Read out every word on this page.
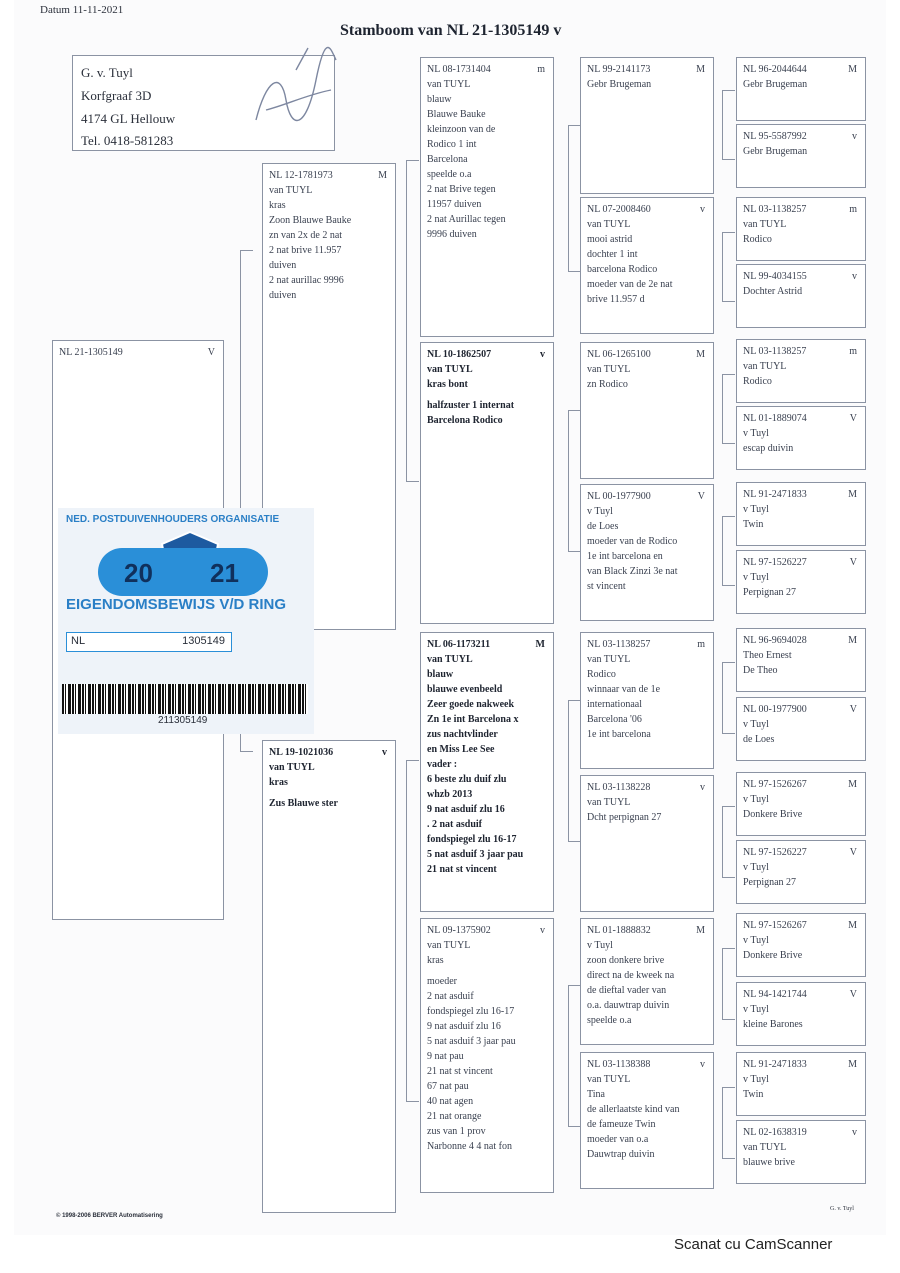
Datum 11-11-2021
Stamboom van NL 21-1305149 v
G. v. Tuyl
Korfgraaf 3D
4174 GL Hellouw
Tel. 0418-581283
NL 21-1305149	V
NL 12-1781973	M
van TUYL
kras
Zoon Blauwe Bauke
zn van 2x de 2 nat
2 nat brive 11.957
duiven
2 nat aurillac 9996
duiven
NL 19-1021036	v
van TUYL
kras
Zus Blauwe ster
NL 08-1731404	m
van TUYL
blauw
Blauwe Bauke
kleinzoon van de
Rodico 1 int
Barcelona
speelde o.a
2 nat Brive tegen
11957 duiven
2 nat Aurillac tegen
9996 duiven
NL 10-1862507	v
van TUYL
kras bont
halfzuster 1 internat Barcelona Rodico
NL 06-1173211	M
van TUYL
blauw
blauwe evenbeeld
Zeer goede nakweek
Zn 1e int Barcelona x
zus nachtvlinder
en Miss Lee See
vader :
6 beste zlu duif zlu
whzb 2013
9 nat asduif zlu 16
. 2 nat asduif
fondspiegel zlu 16-17
5 nat asduif 3 jaar pau
21 nat st vincent
NL 09-1375902	v
van TUYL
kras
moeder
2 nat asduif
fondspiegel zlu 16-17
9 nat asduif zlu 16
5 nat asduif 3 jaar pau
9 nat pau
21 nat st vincent
67 nat pau
40 nat agen
21 nat orange
zus van 1 prov
Narbonne 4 4 nat fon
NL 99-2141173	M
Gebr Brugeman
NL 07-2008460	v
van TUYL
mooi astrid
dochter 1 int
barcelona Rodico
moeder van de 2e nat
brive 11.957 d
NL 06-1265100	M
van TUYL
zn Rodico
NL 00-1977900	V
v Tuyl
de Loes
moeder van de Rodico
1e int barcelona en
van Black Zinzi 3e nat
st vincent
NL 03-1138257	m
van TUYL
Rodico
winnaar van de 1e
internationaal
Barcelona '06
1e int barcelona
NL 03-1138228	v
van TUYL
Dcht perpignan 27
NL 01-1888832	M
v Tuyl
zoon donkere brive
direct na de kweek na
de dieftal vader van
o.a. dauwtrap duivin
speelde o.a
NL 03-1138388	v
van TUYL
Tina
de allerlaatste kind van
de fameuze Twin
moeder van o.a
Dauwtrap duivin
NL 96-2044644	M
Gebr Brugeman
NL 95-5587992	v
Gebr Brugeman
NL 03-1138257	m
van TUYL
Rodico
NL 99-4034155	v
Dochter Astrid
NL 03-1138257	m
van TUYL
Rodico
NL 01-1889074	V
v Tuyl
escap duivin
NL 91-2471833	M
v Tuyl
Twin
NL 97-1526227	V
v Tuyl
Perpignan 27
NL 96-9694028	M
Theo Ernest
De Theo
NL 00-1977900	V
v Tuyl
de Loes
NL 97-1526267	M
v Tuyl
Donkere Brive
NL 97-1526227	V
v Tuyl
Perpignan 27
NL 97-1526267	M
v Tuyl
Donkere Brive
NL 94-1421744	V
v Tuyl
kleine Barones
NL 91-2471833	M
v Tuyl
Twin
NL 02-1638319	v
van TUYL
blauwe brive
NED. POSTDUIVENHOUDERS ORGANISATIE
20 21
EIGENDOMSBEWIJS V/D RING
NL	1305149
211305149
© 1998-2006 BERVER Automatisering
G. v. Tuyl
Scanat cu CamScanner
